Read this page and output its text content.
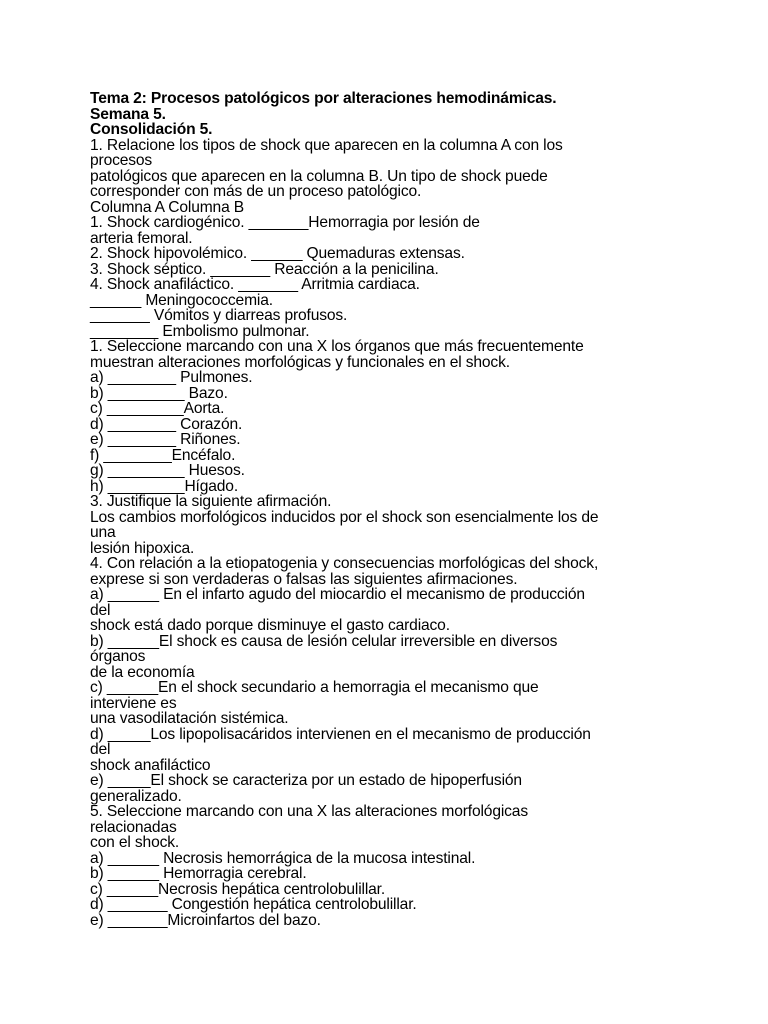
Tema 2: Procesos patológicos por alteraciones hemodinámicas.
Semana 5.
Consolidación 5.
1. Relacione los tipos de shock que aparecen en la columna A con los
procesos
patológicos que aparecen en la columna B. Un tipo de shock puede
corresponder con más de un proceso patológico.
Columna A Columna B
1. Shock cardiogénico. _______Hemorragia por lesión de
arteria femoral.
2. Shock hipovolémico. ______ Quemaduras extensas.
3. Shock séptico. _______ Reacción a la penicilina.
4. Shock anafiláctico. _______ Arritmia cardiaca.
______ Meningococcemia.
_______ Vómitos y diarreas profusos.
________ Embolismo pulmonar.
1. Seleccione marcando con una X los órganos que más frecuentemente
muestran alteraciones morfológicas y funcionales en el shock.
a) ________ Pulmones.
b) _________ Bazo.
c) _________Aorta.
d) ________ Corazón.
e) ________ Riñones.
f) ________Encéfalo.
g) _________ Huesos.
h) _________Hígado.
3. Justifique la siguiente afirmación.
Los cambios morfológicos inducidos por el shock son esencialmente los de
una
lesión hipoxica.
4. Con relación a la etiopatogenia y consecuencias morfológicas del shock,
exprese si son verdaderas o falsas las siguientes afirmaciones.
a) ______ En el infarto agudo del miocardio el mecanismo de producción
del
shock está dado porque disminuye el gasto cardiaco.
b) ______El shock es causa de lesión celular irreversible en diversos
órganos
de la economía
c) ______En el shock secundario a hemorragia el mecanismo que
interviene es
una vasodilatación sistémica.
d) _____Los lipopolisacáridos intervienen en el mecanismo de producción
del
shock anafiláctico
e) _____El shock se caracteriza por un estado de hipoperfusión
generalizado.
5. Seleccione marcando con una X las alteraciones morfológicas
relacionadas
con el shock.
a) ______ Necrosis hemorrágica de la mucosa intestinal.
b) ______ Hemorragia cerebral.
c) ______Necrosis hepática centrolobulillar.
d) _______ Congestión hepática centrolobulillar.
e) _______Microinfartos del bazo.
